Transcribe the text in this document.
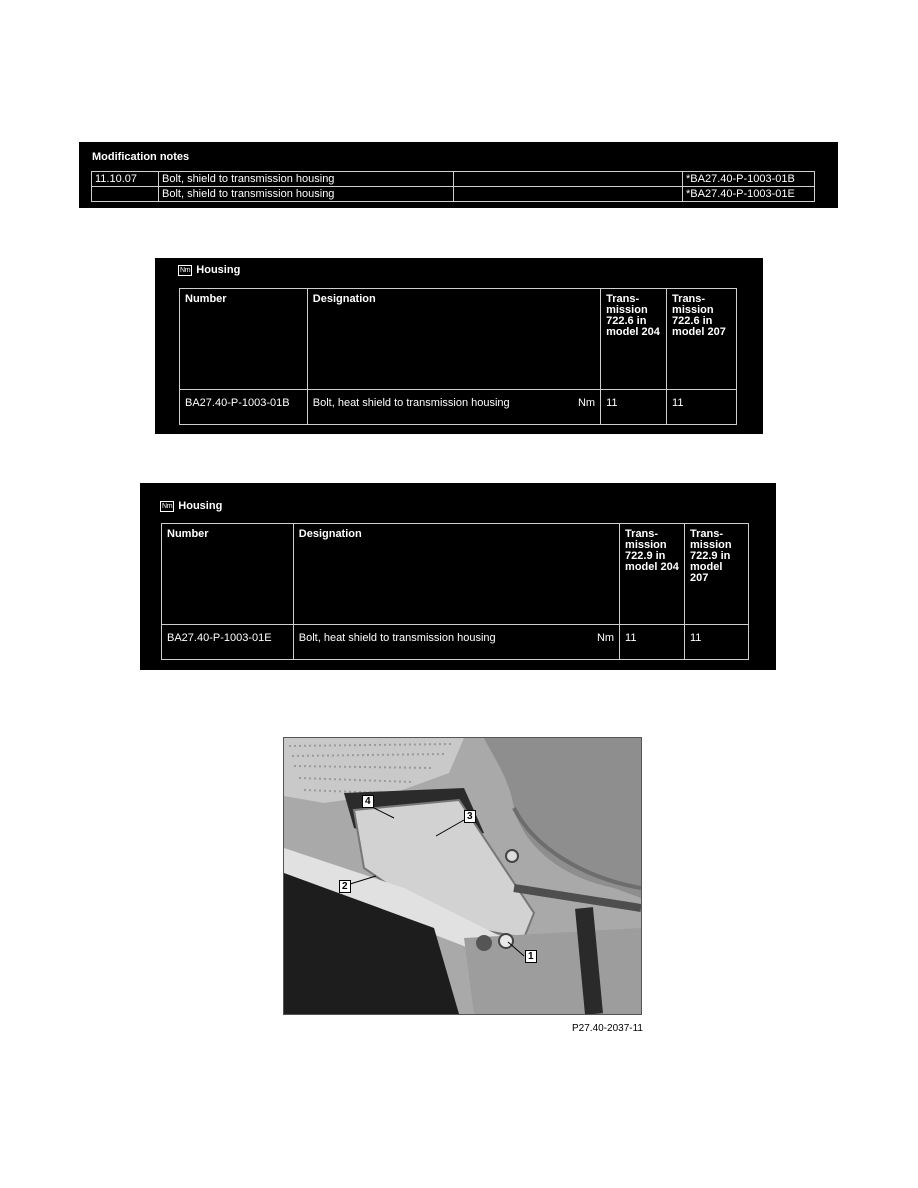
Modification notes
11.10.07	Bolt, shield to transmission housing		*BA27.40-P-1003-01B
	Bolt, shield to transmission housing		*BA27.40-P-1003-01E
Nm Housing
Number	Designation	Trans-
mission
722.6 in
model 204	Trans-
mission
722.6 in
model 207
BA27.40-P-1003-01B	Bolt, heat shield to transmission housing Nm	11	11
Nm Housing
Number	Designation	Trans-
mission
722.9 in
model 204	Trans-
mission
722.9 in
model 207
BA27.40-P-1003-01E	Bolt, heat shield to transmission housing Nm	11	11
4
3
2
1
P27.40-2037-11
